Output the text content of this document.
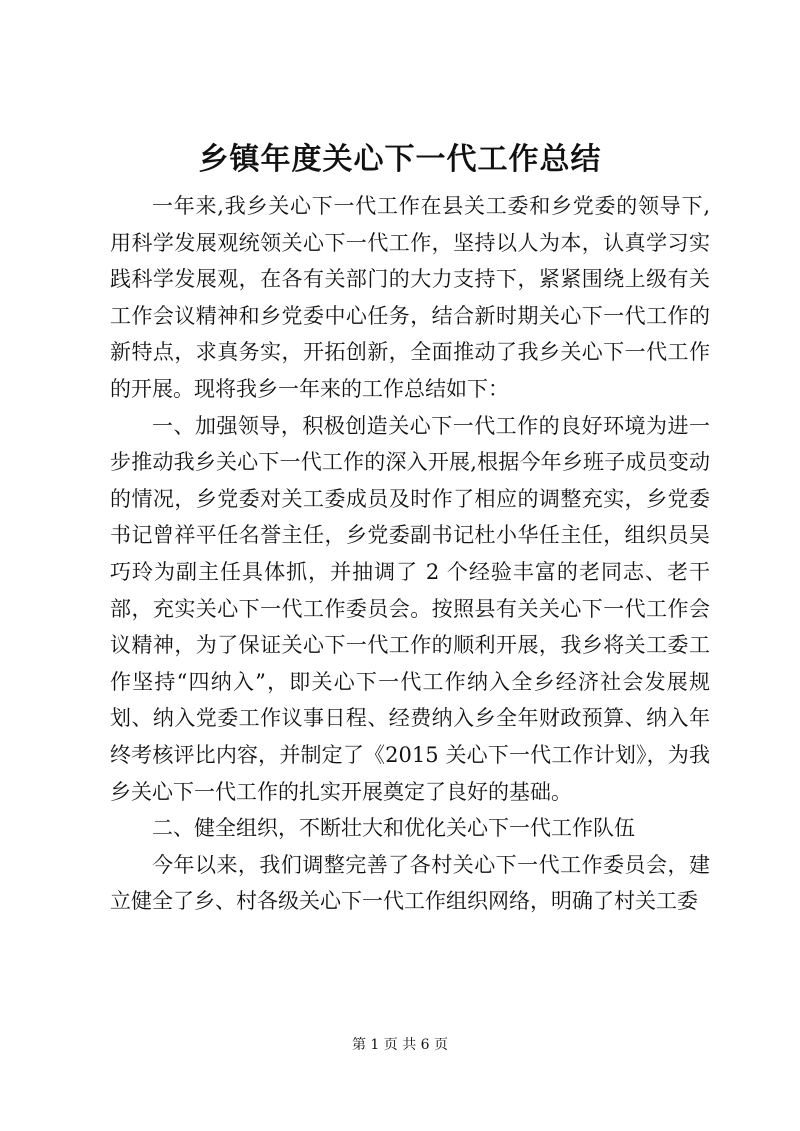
乡镇年度关心下一代工作总结

一年来,我乡关心下一代工作在县关工委和乡党委的领导下,用科学发展观统领关心下一代工作，坚持以人为本，认真学习实践科学发展观，在各有关部门的大力支持下，紧紧围绕上级有关工作会议精神和乡党委中心任务，结合新时期关心下一代工作的新特点，求真务实，开拓创新，全面推动了我乡关心下一代工作的开展。现将我乡一年来的工作总结如下：

一、加强领导，积极创造关心下一代工作的良好环境为进一步推动我乡关心下一代工作的深入开展,根据今年乡班子成员变动的情况，乡党委对关工委成员及时作了相应的调整充实，乡党委书记曾祥平任名誉主任，乡党委副书记杜小华任主任，组织员吴巧玲为副主任具体抓，并抽调了 2 个经验丰富的老同志、老干部，充实关心下一代工作委员会。按照县有关关心下一代工作会议精神，为了保证关心下一代工作的顺利开展，我乡将关工委工作坚持“四纳入”，即关心下一代工作纳入全乡经济社会发展规划、纳入党委工作议事日程、经费纳入乡全年财政预算、纳入年终考核评比内容，并制定了《2015 关心下一代工作计划》，为我乡关心下一代工作的扎实开展奠定了良好的基础。

二、健全组织，不断壮大和优化关心下一代工作队伍

今年以来，我们调整完善了各村关心下一代工作委员会，建立健全了乡、村各级关心下一代工作组织网络，明确了村关工委

第 1 页 共 6 页
